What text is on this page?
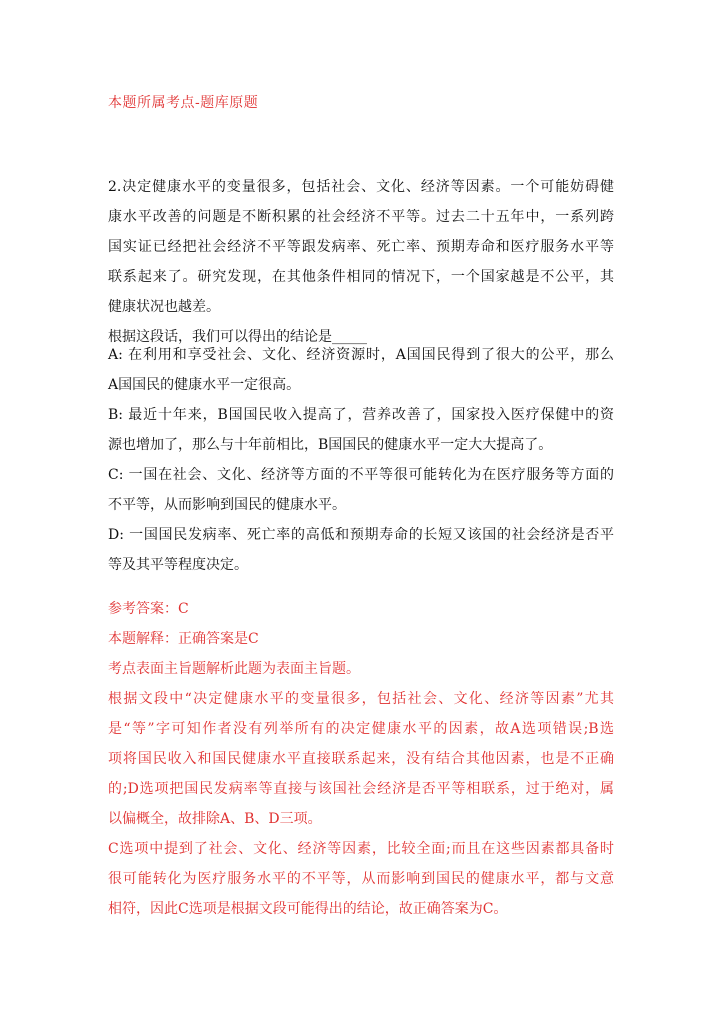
本题所属考点-题库原题
2.决定健康水平的变量很多，包括社会、文化、经济等因素。一个可能妨碍健
康水平改善的问题是不断积累的社会经济不平等。过去二十五年中，一系列跨
国实证已经把社会经济不平等跟发病率、死亡率、预期寿命和医疗服务水平等
联系起来了。研究发现，在其他条件相同的情况下，一个国家越是不公平，其
健康状况也越差。
根据这段话，我们可以得出的结论是_____
A: 在利用和享受社会、文化、经济资源时，A国国民得到了很大的公平，那么
A国国民的健康水平一定很高。
B: 最近十年来，B国国民收入提高了，营养改善了，国家投入医疗保健中的资
源也增加了，那么与十年前相比，B国国民的健康水平一定大大提高了。
C: 一国在社会、文化、经济等方面的不平等很可能转化为在医疗服务等方面的
不平等，从而影响到国民的健康水平。
D: 一国国民发病率、死亡率的高低和预期寿命的长短又该国的社会经济是否平
等及其平等程度决定。
参考答案：C
本题解释：正确答案是C
考点表面主旨题解析此题为表面主旨题。
根据文段中“决定健康水平的变量很多，包括社会、文化、经济等因素”尤其
是“等”字可知作者没有列举所有的决定健康水平的因素，故A选项错误;B选
项将国民收入和国民健康水平直接联系起来，没有结合其他因素，也是不正确
的;D选项把国民发病率等直接与该国社会经济是否平等相联系，过于绝对，属
以偏概全，故排除A、B、D三项。
C选项中提到了社会、文化、经济等因素，比较全面;而且在这些因素都具备时
很可能转化为医疗服务水平的不平等，从而影响到国民的健康水平，都与文意
相符，因此C选项是根据文段可能得出的结论，故正确答案为C。
